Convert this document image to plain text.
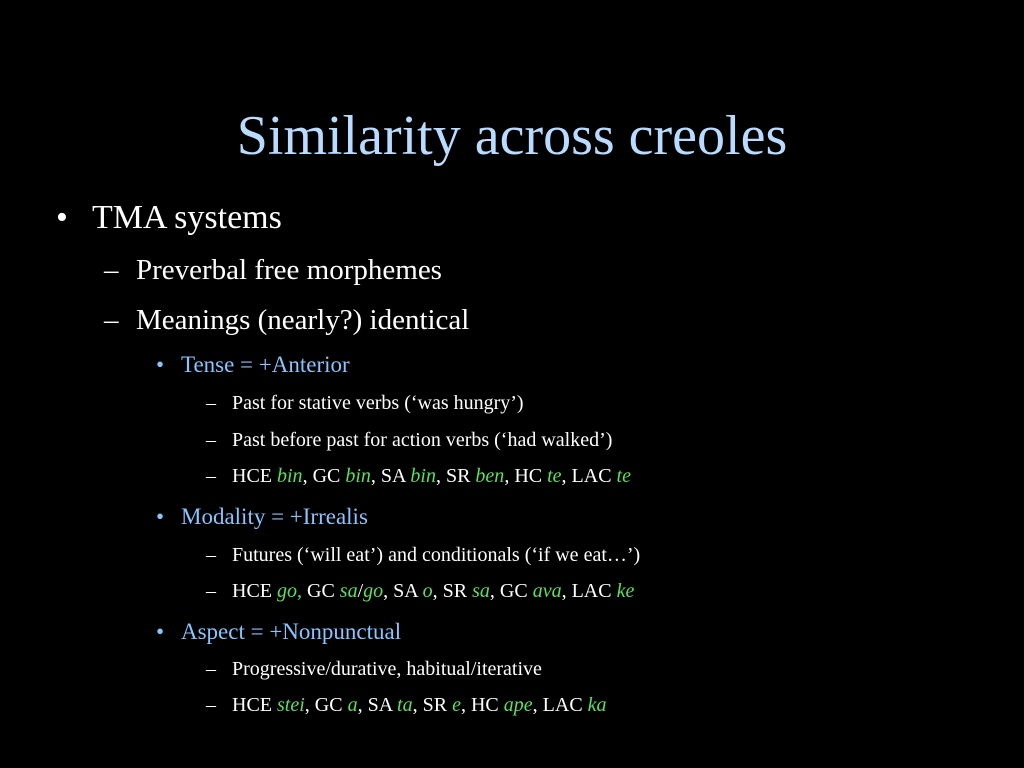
Similarity across creoles
• TMA systems
– Preverbal free morphemes
– Meanings (nearly?) identical
• Tense = +Anterior
– Past for stative verbs (‘was hungry’)
– Past before past for action verbs (‘had walked’)
– HCE bin, GC bin, SA bin, SR ben, HC te, LAC te
• Modality = +Irrealis
– Futures (‘will eat’) and conditionals (‘if we eat…’)
– HCE go, GC sa/go, SA o, SR sa, GC ava, LAC ke
• Aspect = +Nonpunctual
– Progressive/durative, habitual/iterative
– HCE stei, GC a, SA ta, SR e, HC ape, LAC ka
